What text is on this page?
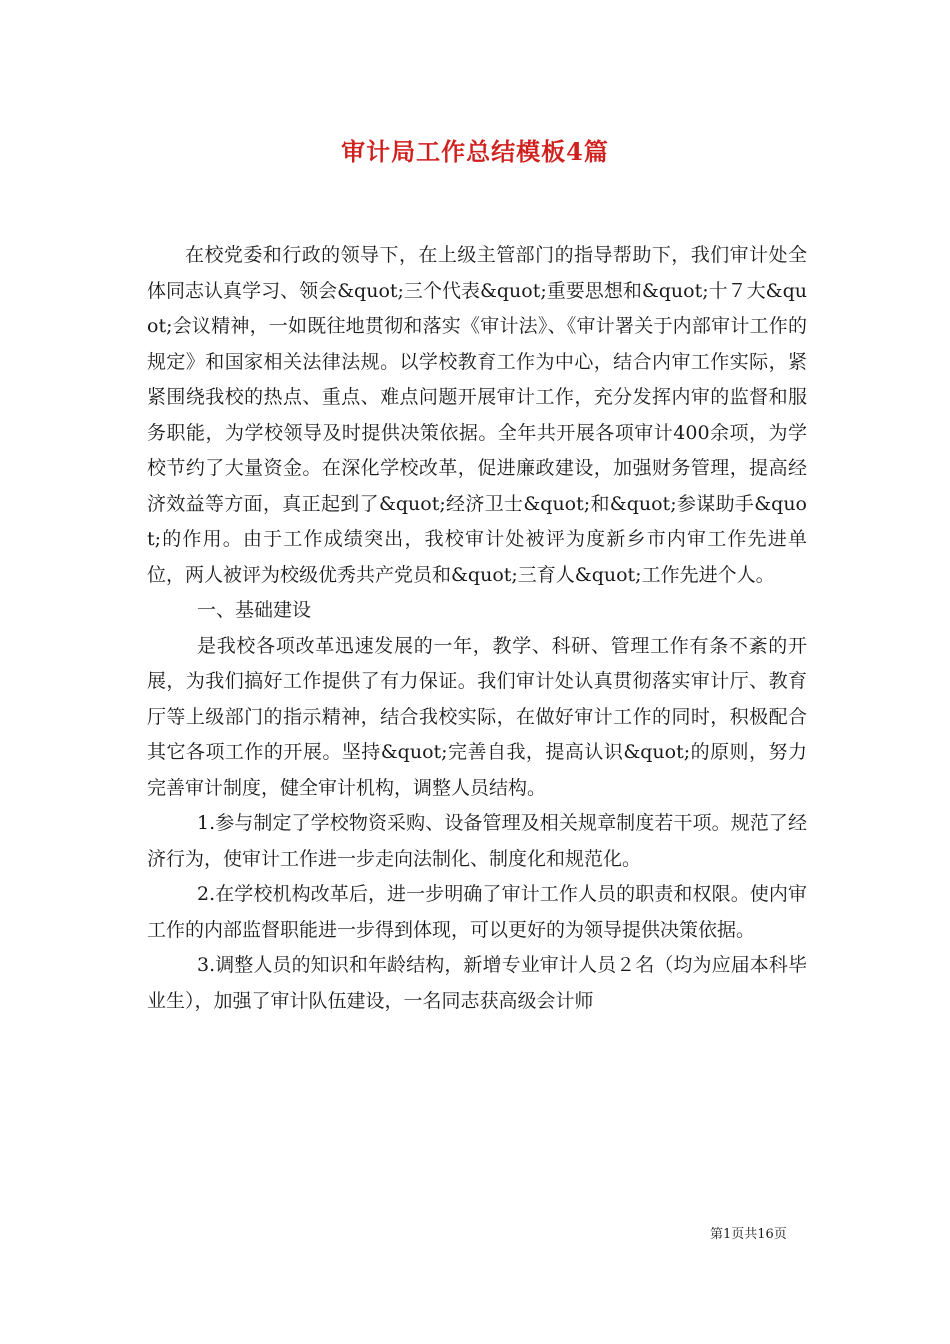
审计局工作总结模板4篇

在校党委和行政的领导下，在上级主管部门的指导帮助下，我们审计处全体同志认真学习、领会&quot;三个代表&quot;重要思想和&quot;十７大&quot;会议精神，一如既往地贯彻和落实《审计法》、《审计署关于内部审计工作的规定》和国家相关法律法规。以学校教育工作为中心，结合内审工作实际，紧紧围绕我校的热点、重点、难点问题开展审计工作，充分发挥内审的监督和服务职能，为学校领导及时提供决策依据。全年共开展各项审计400余项，为学校节约了大量资金。在深化学校改革，促进廉政建设，加强财务管理，提高经济效益等方面，真正起到了&quot;经济卫士&quot;和&quot;参谋助手&quot;的作用。由于工作成绩突出，我校审计处被评为度新乡市内审工作先进单位，两人被评为校级优秀共产党员和&quot;三育人&quot;工作先进个人。

一、基础建设

是我校各项改革迅速发展的一年，教学、科研、管理工作有条不紊的开展，为我们搞好工作提供了有力保证。我们审计处认真贯彻落实审计厅、教育厅等上级部门的指示精神，结合我校实际，在做好审计工作的同时，积极配合其它各项工作的开展。坚持&quot;完善自我，提高认识&quot;的原则，努力完善审计制度，健全审计机构，调整人员结构。

1.参与制定了学校物资采购、设备管理及相关规章制度若干项。规范了经济行为，使审计工作进一步走向法制化、制度化和规范化。

2.在学校机构改革后，进一步明确了审计工作人员的职责和权限。使内审工作的内部监督职能进一步得到体现，可以更好的为领导提供决策依据。

3.调整人员的知识和年龄结构，新增专业审计人员２名（均为应届本科毕业生），加强了审计队伍建设，一名同志获高级会计师

第1页共16页
